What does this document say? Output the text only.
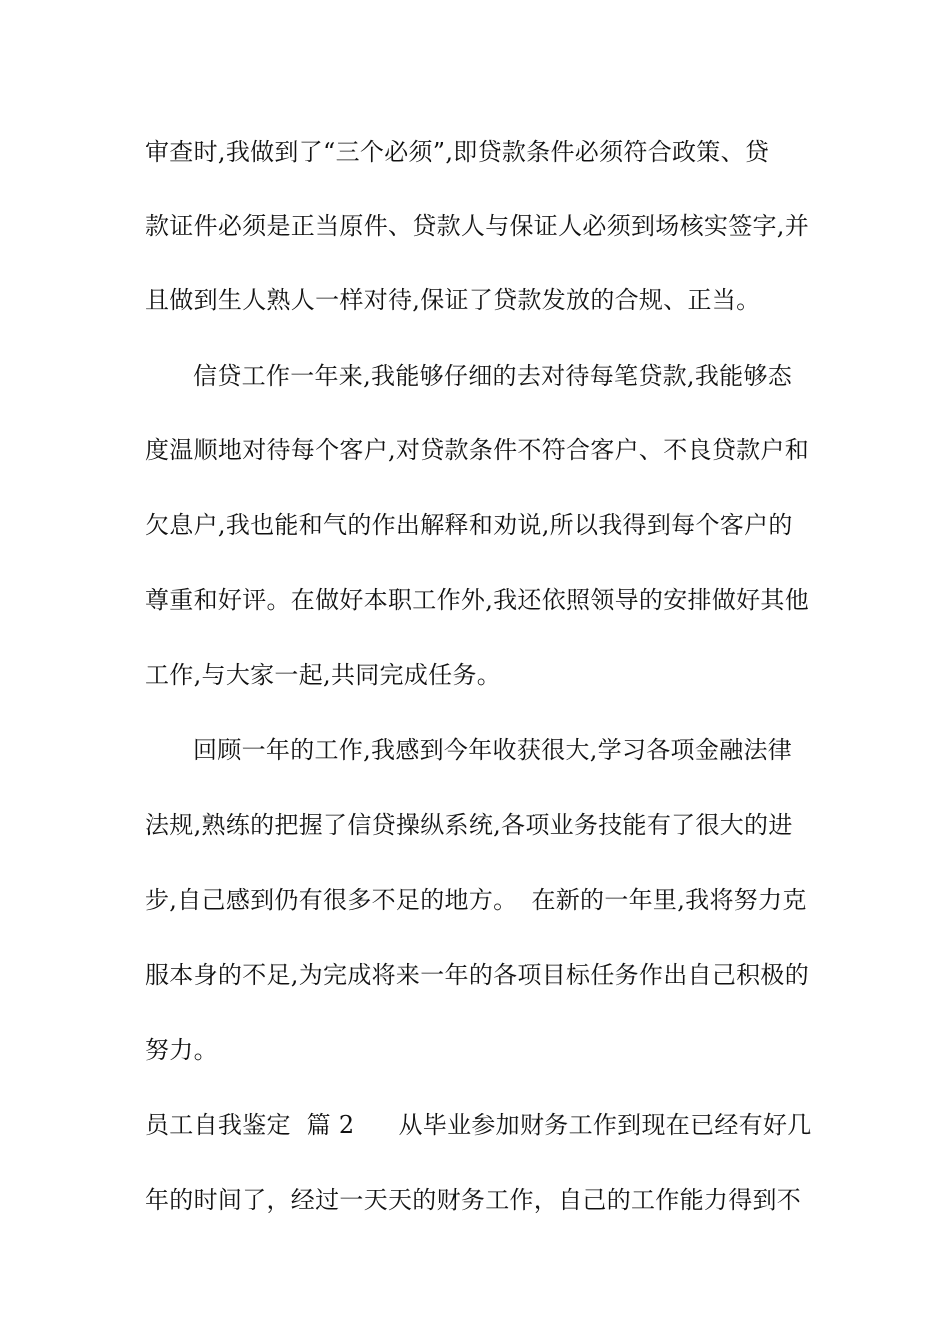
审查时,我做到了“三个必须”,即贷款条件必须符合政策、贷
款证件必须是正当原件、贷款人与保证人必须到场核实签字,并
且做到生人熟人一样对待,保证了贷款发放的合规、正当。
信贷工作一年来,我能够仔细的去对待每笔贷款,我能够态
度温顺地对待每个客户,对贷款条件不符合客户、不良贷款户和
欠息户,我也能和气的作出解释和劝说,所以我得到每个客户的
尊重和好评。在做好本职工作外,我还依照领导的安排做好其他
工作,与大家一起,共同完成任务。
回顾一年的工作,我感到今年收获很大,学习各项金融法律
法规,熟练的把握了信贷操纵系统,各项业务技能有了很大的进
步,自己感到仍有很多不足的地方。 在新的一年里,我将努力克
服本身的不足,为完成将来一年的各项目标任务作出自己积极的
努力。
员工自我鉴定  篇 2 从毕业参加财务工作到现在已经有好几
年的时间了，经过一天天的财务工作，自己的工作能力得到不
